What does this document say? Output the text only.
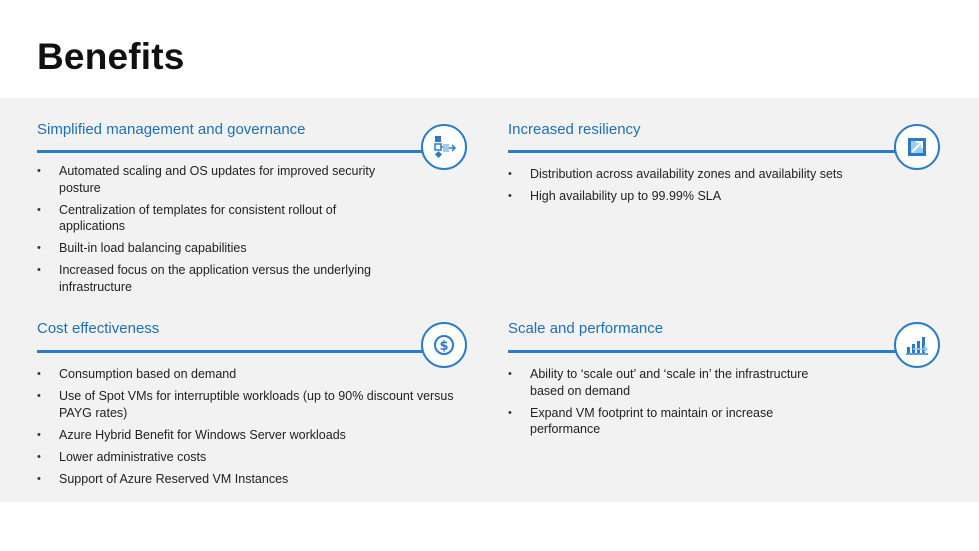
Benefits
Simplified management and governance
• Automated scaling and OS updates for improved security posture
• Centralization of templates for consistent rollout of applications
• Built-in load balancing capabilities
• Increased focus on the application versus the underlying infrastructure
Increased resiliency
• Distribution across availability zones and availability sets
• High availability up to 99.99% SLA
Cost effectiveness
• Consumption based on demand
• Use of Spot VMs for interruptible workloads (up to 90% discount versus PAYG rates)
• Azure Hybrid Benefit for Windows Server workloads
• Lower administrative costs
• Support of Azure Reserved VM Instances
$
Scale and performance
• Ability to ‘scale out’ and ‘scale in’ the infrastructure based on demand
• Expand VM footprint to maintain or increase performance
